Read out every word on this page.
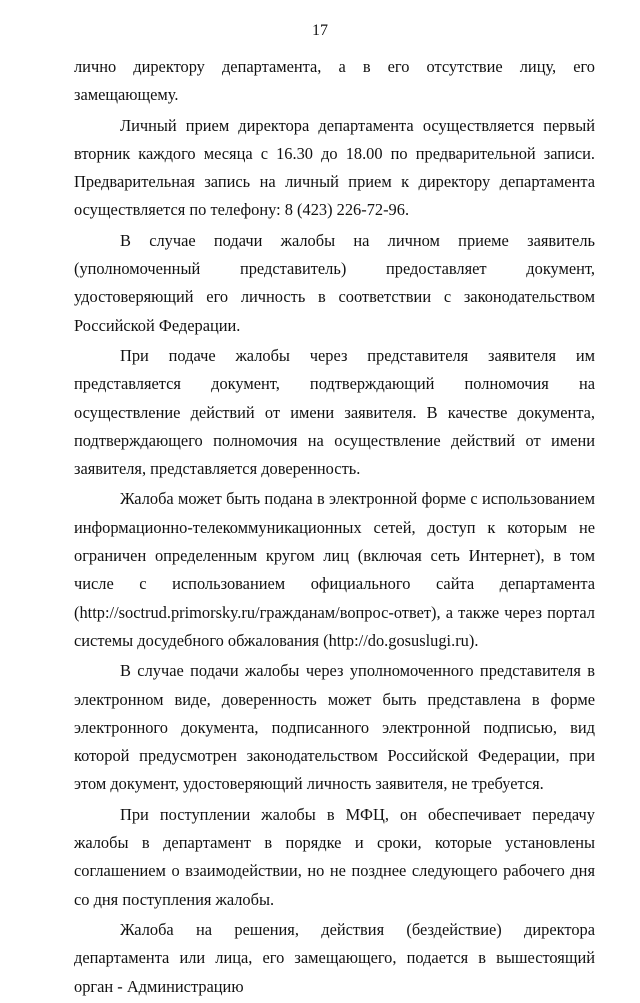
17

лично директору департамента, а в его отсутствие лицу, его замещающему.

Личный прием директора департамента осуществляется первый вторник каждого месяца с 16.30 до 18.00 по предварительной записи. Предварительная запись на личный прием к директору департамента осуществляется по телефону: 8 (423) 226-72-96.

В случае подачи жалобы на личном приеме заявитель (уполномоченный представитель) предоставляет документ, удостоверяющий его личность в соответствии с законодательством Российской Федерации.

При подаче жалобы через представителя заявителя им представляется документ, подтверждающий полномочия на осуществление действий от имени заявителя. В качестве документа, подтверждающего полномочия на осуществление действий от имени заявителя, представляется доверенность.

Жалоба может быть подана в электронной форме с использованием информационно-телекоммуникационных сетей, доступ к которым не ограничен определенным кругом лиц (включая сеть Интернет), в том числе с использованием официального сайта департамента (http://soctrud.primorsky.ru/гражданам/вопрос-ответ), а также через портал системы досудебного обжалования (http://do.gosuslugi.ru).

В случае подачи жалобы через уполномоченного представителя в электронном виде, доверенность может быть представлена в форме электронного документа, подписанного электронной подписью, вид которой предусмотрен законодательством Российской Федерации, при этом документ, удостоверяющий личность заявителя, не требуется.

При поступлении жалобы в МФЦ, он обеспечивает передачу жалобы в департамент в порядке и сроки, которые установлены соглашением о взаимодействии, но не позднее следующего рабочего дня со дня поступления жалобы.

Жалоба на решения, действия (бездействие) директора департамента или лица, его замещающего, подается в вышестоящий орган - Администрацию
